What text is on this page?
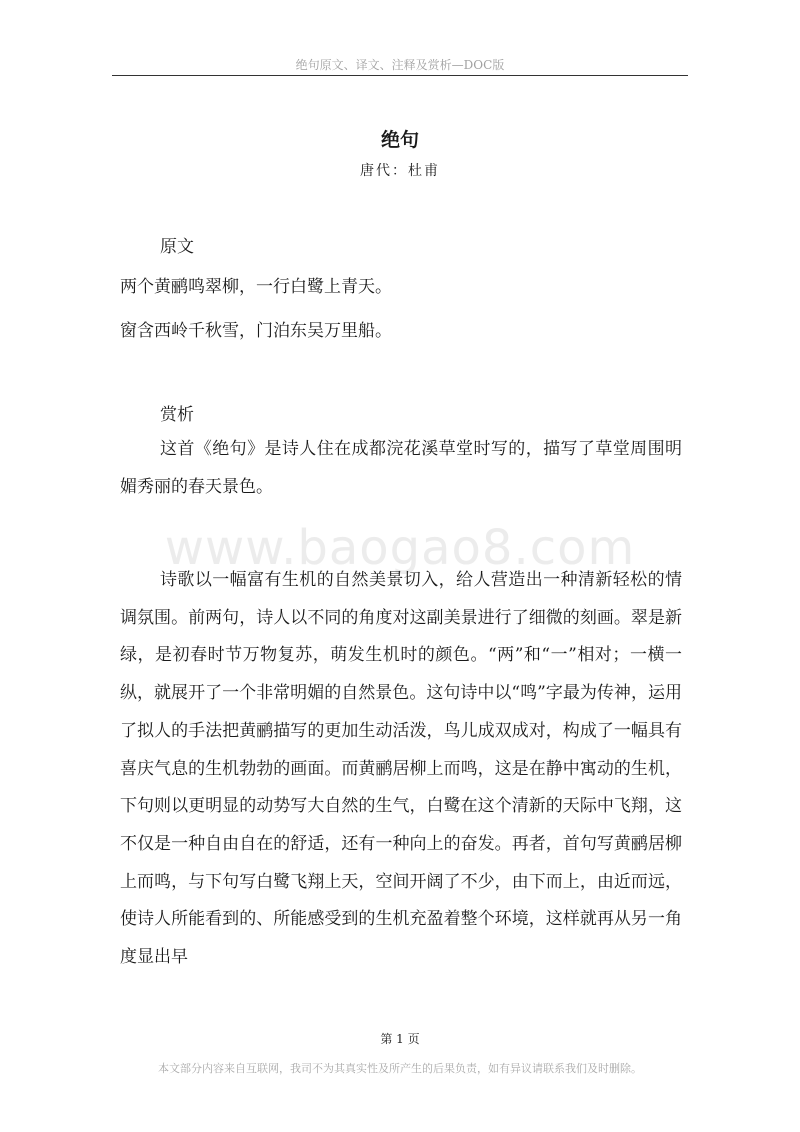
绝句原文、译文、注释及赏析—DOC版
www.baogao8.com
绝句
唐代：杜甫
原文
两个黄鹂鸣翠柳，一行白鹭上青天。
窗含西岭千秋雪，门泊东吴万里船。
赏析

这首《绝句》是诗人住在成都浣花溪草堂时写的，描写了草堂周围明媚秀丽的春天景色。

诗歌以一幅富有生机的自然美景切入，给人营造出一种清新轻松的情调氛围。前两句，诗人以不同的角度对这副美景进行了细微的刻画。翠是新绿，是初春时节万物复苏，萌发生机时的颜色。“两”和“一”相对；一横一纵，就展开了一个非常明媚的自然景色。这句诗中以“鸣”字最为传神，运用了拟人的手法把黄鹂描写的更加生动活泼，鸟儿成双成对，构成了一幅具有喜庆气息的生机勃勃的画面。而黄鹂居柳上而鸣，这是在静中寓动的生机，下句则以更明显的动势写大自然的生气，白鹭在这个清新的天际中飞翔，这不仅是一种自由自在的舒适，还有一种向上的奋发。再者，首句写黄鹂居柳上而鸣，与下句写白鹭飞翔上天，空间开阔了不少，由下而上，由近而远，使诗人所能看到的、所能感受到的生机充盈着整个环境，这样就再从另一角度显出早

第 1 页
本文部分内容来自互联网，我司不为其真实性及所产生的后果负责，如有异议请联系我们及时删除。
